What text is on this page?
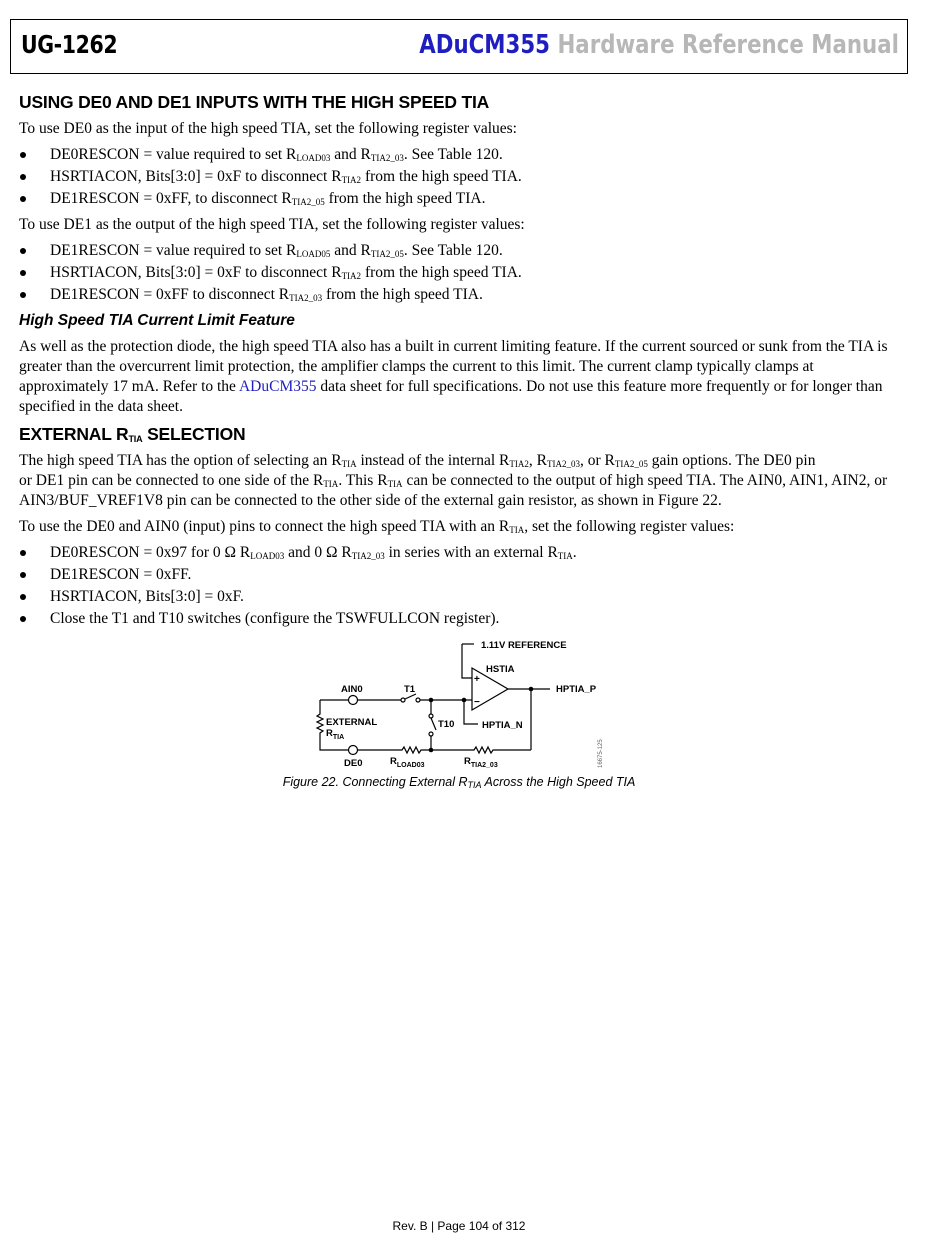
UG-1262	ADuCM355 Hardware Reference Manual
USING DE0 AND DE1 INPUTS WITH THE HIGH SPEED TIA

To use DE0 as the input of the high speed TIA, set the following register values:

DE0RESCON = value required to set $R_{LOAD03}$ and $R_{TIA2\_03}$. See Table 120.
HSRTIACON, Bits[3:0] = 0xF to disconnect $R_{TIA2}$ from the high speed TIA.
DE1RESCON = 0xFF, to disconnect $R_{TIA2\_05}$ from the high speed TIA.

To use DE1 as the output of the high speed TIA, set the following register values:

DE1RESCON = value required to set $R_{LOAD05}$ and $R_{TIA2\_05}$. See Table 120.
HSRTIACON, Bits[3:0] = 0xF to disconnect $R_{TIA2}$ from the high speed TIA.
DE1RESCON = 0xFF to disconnect $R_{TIA2\_03}$ from the high speed TIA.
High Speed TIA Current Limit Feature

As well as the protection diode, the high speed TIA also has a built in current limiting feature. If the current sourced or sunk from the TIA is greater than the overcurrent limit protection, the amplifier clamps the current to this limit. The current clamp typically clamps at approximately 17 mA. Refer to the ADuCM355 data sheet for full specifications. Do not use this feature more frequently or for longer than specified in the data sheet.

EXTERNAL $R_{TIA}$ SELECTION

The high speed TIA has the option of selecting an $R_{TIA}$ instead of the internal $R_{TIA2}$, $R_{TIA2\_03}$, or $R_{TIA2\_05}$ gain options. The DE0 pin
or DE1 pin can be connected to one side of the $R_{TIA}$. This $R_{TIA}$ can be connected to the output of high speed TIA. The AIN0, AIN1, AIN2, or AIN3/BUF_VREF1V8 pin can be connected to the other side of the external gain resistor, as shown in Figure 22.

To use the DE0 and AIN0 (input) pins to connect the high speed TIA with an $R_{TIA}$, set the following register values:

DE0RESCON = 0x97 for 0 Ω $R_{LOAD03}$ and 0 Ω $R_{TIA2\_03}$ in series with an external $R_{TIA}$.
DE1RESCON = 0xFF.
HSRTIACON, Bits[3:0] = 0xF.
Close the T1 and T10 switches (configure the TSWFULLCON register).
1.11V REFERENCE
HSTIA
+
−
AIN0	T1
T10
HPTIA_P
HPTIA_N
EXTERNAL
$R_{TIA}$
DE0	$R_{LOAD03}$	$R_{TIA2\_03}$	16675-125
Figure 22. Connecting External $R_{TIA}$ Across the High Speed TIA
Rev. B | Page 104 of 312
